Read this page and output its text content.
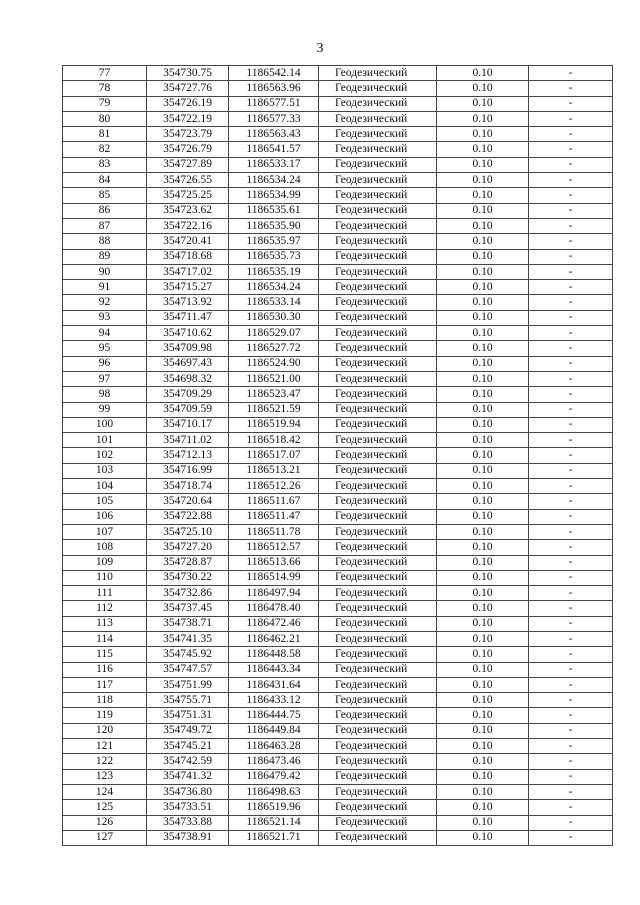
3
77	354730.75	1186542.14	Геодезический	0.10	-
78	354727.76	1186563.96	Геодезический	0.10	-
79	354726.19	1186577.51	Геодезический	0.10	-
80	354722.19	1186577.33	Геодезический	0.10	-
81	354723.79	1186563.43	Геодезический	0.10	-
82	354726.79	1186541.57	Геодезический	0.10	-
83	354727.89	1186533.17	Геодезический	0.10	-
84	354726.55	1186534.24	Геодезический	0.10	-
85	354725.25	1186534.99	Геодезический	0.10	-
86	354723.62	1186535.61	Геодезический	0.10	-
87	354722.16	1186535.90	Геодезический	0.10	-
88	354720.41	1186535.97	Геодезический	0.10	-
89	354718.68	1186535.73	Геодезический	0.10	-
90	354717.02	1186535.19	Геодезический	0.10	-
91	354715.27	1186534.24	Геодезический	0.10	-
92	354713.92	1186533.14	Геодезический	0.10	-
93	354711.47	1186530.30	Геодезический	0.10	-
94	354710.62	1186529.07	Геодезический	0.10	-
95	354709.98	1186527.72	Геодезический	0.10	-
96	354697.43	1186524.90	Геодезический	0.10	-
97	354698.32	1186521.00	Геодезический	0.10	-
98	354709.29	1186523.47	Геодезический	0.10	-
99	354709.59	1186521.59	Геодезический	0.10	-
100	354710.17	1186519.94	Геодезический	0.10	-
101	354711.02	1186518.42	Геодезический	0.10	-
102	354712.13	1186517.07	Геодезический	0.10	-
103	354716.99	1186513.21	Геодезический	0.10	-
104	354718.74	1186512.26	Геодезический	0.10	-
105	354720.64	1186511.67	Геодезический	0.10	-
106	354722.88	1186511.47	Геодезический	0.10	-
107	354725.10	1186511.78	Геодезический	0.10	-
108	354727.20	1186512.57	Геодезический	0.10	-
109	354728.87	1186513.66	Геодезический	0.10	-
110	354730.22	1186514.99	Геодезический	0.10	-
111	354732.86	1186497.94	Геодезический	0.10	-
112	354737.45	1186478.40	Геодезический	0.10	-
113	354738.71	1186472.46	Геодезический	0.10	-
114	354741.35	1186462.21	Геодезический	0.10	-
115	354745.92	1186448.58	Геодезический	0.10	-
116	354747.57	1186443.34	Геодезический	0.10	-
117	354751.99	1186431.64	Геодезический	0.10	-
118	354755.71	1186433.12	Геодезический	0.10	-
119	354751.31	1186444.75	Геодезический	0.10	-
120	354749.72	1186449.84	Геодезический	0.10	-
121	354745.21	1186463.28	Геодезический	0.10	-
122	354742.59	1186473.46	Геодезический	0.10	-
123	354741.32	1186479.42	Геодезический	0.10	-
124	354736.80	1186498.63	Геодезический	0.10	-
125	354733.51	1186519.96	Геодезический	0.10	-
126	354733.88	1186521.14	Геодезический	0.10	-
127	354738.91	1186521.71	Геодезический	0.10	-
